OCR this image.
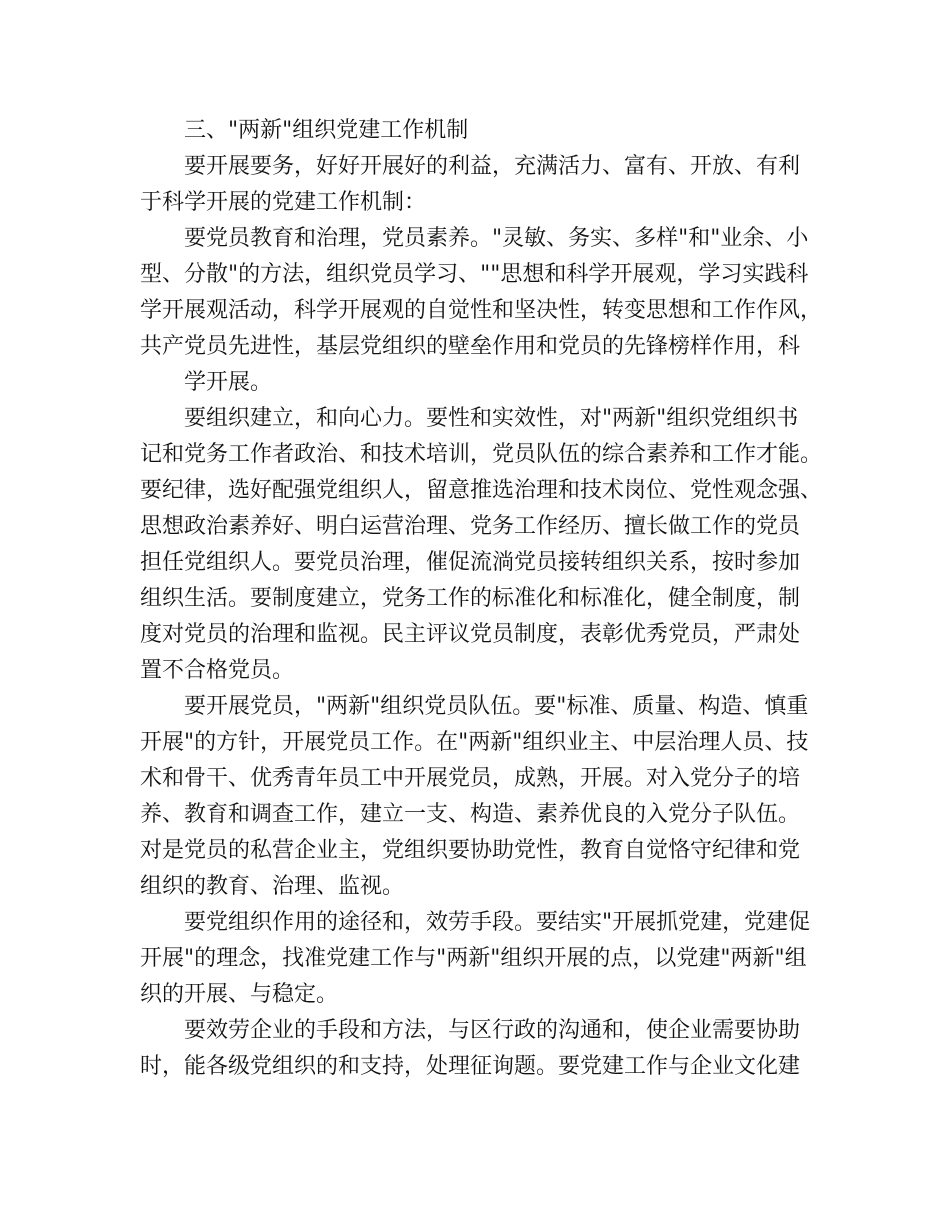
三、"两新"组织党建工作机制
要开展要务，好好开展好的利益，充满活力、富有、开放、有利
于科学开展的党建工作机制：
要党员教育和治理，党员素养。"灵敏、务实、多样"和"业余、小
型、分散"的方法，组织党员学习、""思想和科学开展观，学习实践科
学开展观活动，科学开展观的自觉性和坚决性，转变思想和工作作风，
共产党员先进性，基层党组织的壁垒作用和党员的先锋榜样作用，科
学开展。
要组织建立，和向心力。要性和实效性，对"两新"组织党组织书
记和党务工作者政治、和技术培训，党员队伍的综合素养和工作才能。
要纪律，选好配强党组织人，留意推选治理和技术岗位、党性观念强、
思想政治素养好、明白运营治理、党务工作经历、擅长做工作的党员
担任党组织人。要党员治理，催促流淌党员接转组织关系，按时参加
组织生活。要制度建立，党务工作的标准化和标准化，健全制度，制
度对党员的治理和监视。民主评议党员制度，表彰优秀党员，严肃处
置不合格党员。
要开展党员，"两新"组织党员队伍。要"标准、质量、构造、慎重
开展"的方针，开展党员工作。在"两新"组织业主、中层治理人员、技
术和骨干、优秀青年员工中开展党员，成熟，开展。对入党分子的培
养、教育和调查工作，建立一支、构造、素养优良的入党分子队伍。
对是党员的私营企业主，党组织要协助党性，教育自觉恪守纪律和党
组织的教育、治理、监视。
要党组织作用的途径和，效劳手段。要结实"开展抓党建，党建促
开展"的理念，找准党建工作与"两新"组织开展的点，以党建"两新"组
织的开展、与稳定。
要效劳企业的手段和方法，与区行政的沟通和，使企业需要协助
时，能各级党组织的和支持，处理征询题。要党建工作与企业文化建
